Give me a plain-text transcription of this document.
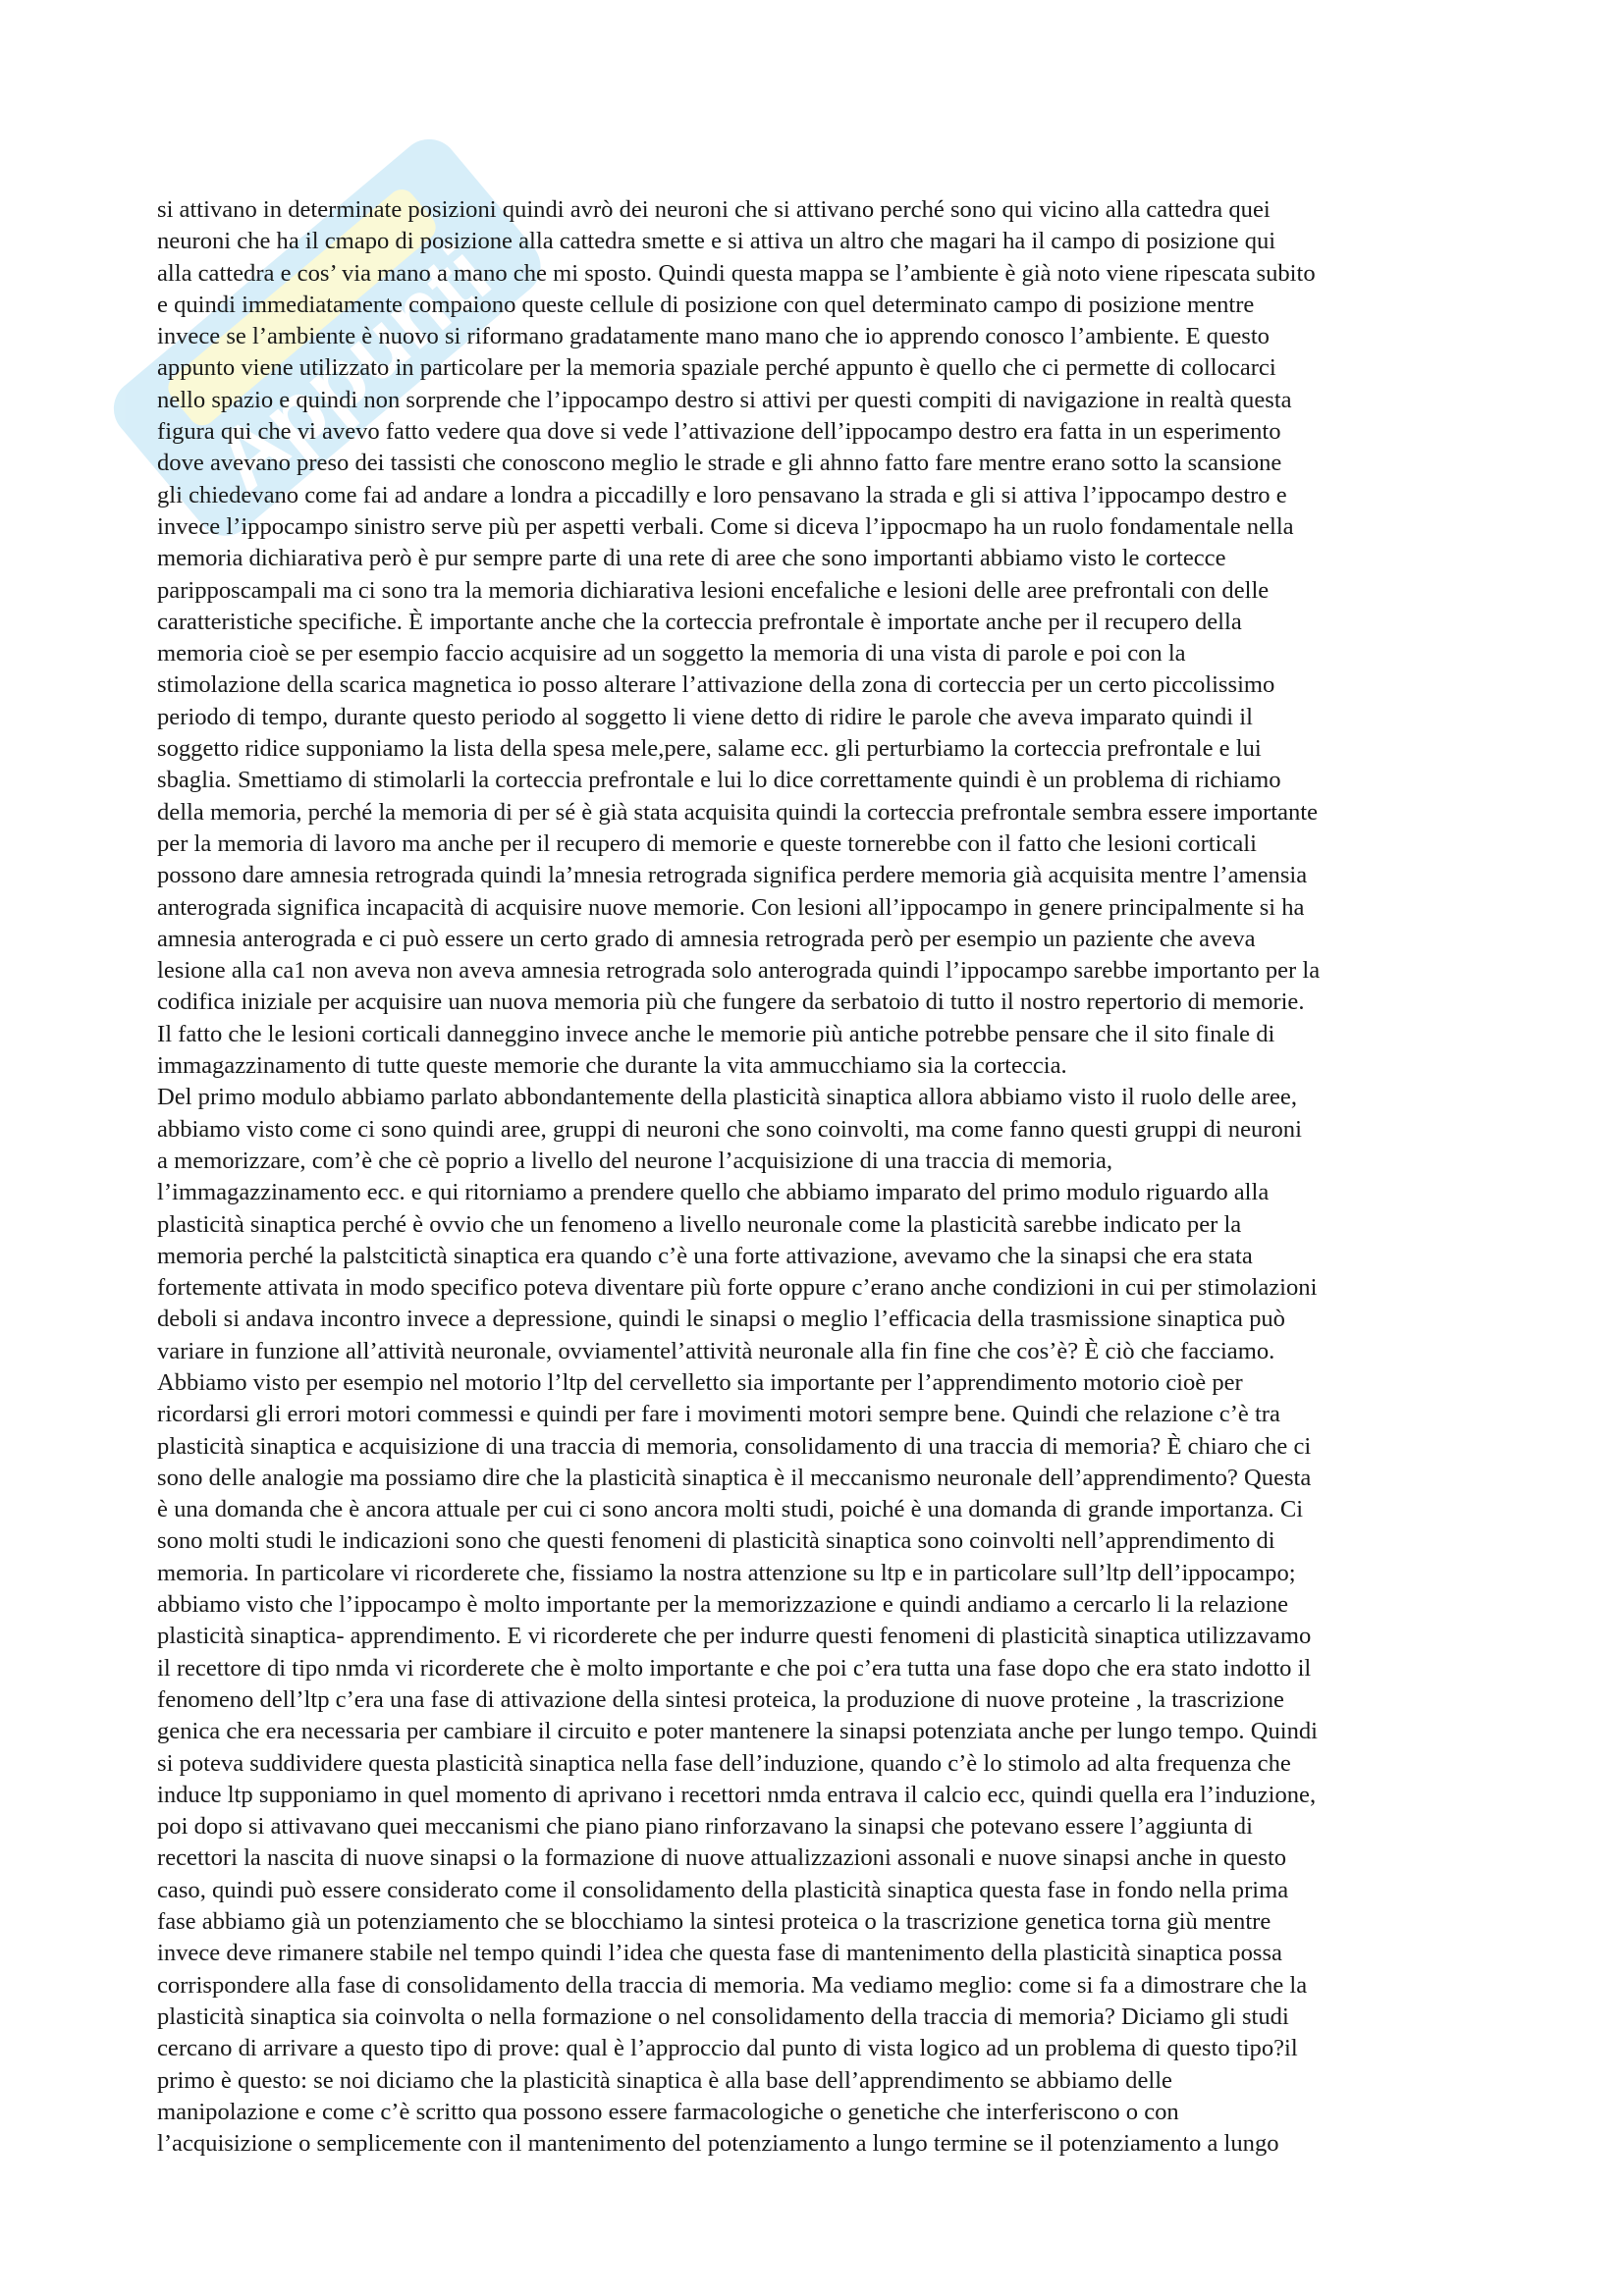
Appunti
si attivano in determinate posizioni quindi avrò dei neuroni che si attivano perché sono qui vicino alla cattedra quei
neuroni che ha il cmapo di posizione alla cattedra smette e si attiva un altro che magari ha il campo di posizione qui
alla cattedra e cos’ via mano a mano che mi sposto. Quindi questa mappa se l’ambiente è già noto viene ripescata subito
e quindi immediatamente compaiono queste cellule di posizione con quel determinato campo di posizione mentre
invece se l’ambiente è nuovo si riformano gradatamente mano mano che io apprendo conosco l’ambiente. E questo
appunto viene utilizzato in particolare per la memoria spaziale perché appunto è quello che ci permette di collocarci
nello spazio e quindi non sorprende che l’ippocampo destro si attivi per questi compiti di navigazione in realtà questa
figura qui che vi avevo fatto vedere qua dove si vede l’attivazione dell’ippocampo destro era fatta in un esperimento
dove avevano preso dei tassisti che conoscono meglio le strade e gli ahnno fatto fare mentre erano sotto la scansione
gli chiedevano come fai ad andare a londra a piccadilly e loro pensavano la strada e gli si attiva l’ippocampo destro e
invece l’ippocampo sinistro serve più per aspetti verbali. Come si diceva l’ippocmapo ha un ruolo fondamentale nella
memoria dichiarativa però è pur sempre parte di una rete di aree che sono importanti abbiamo visto le cortecce
paripposcampali ma ci sono tra la memoria dichiarativa lesioni encefaliche e lesioni delle aree prefrontali con delle
caratteristiche specifiche. È importante anche che la corteccia prefrontale è importate anche per il recupero della
memoria cioè se per esempio faccio acquisire ad un soggetto la memoria di una vista di parole e poi con la
stimolazione della scarica magnetica io posso alterare l’attivazione della zona di corteccia per un certo piccolissimo
periodo di tempo, durante questo periodo al soggetto li viene detto di ridire le parole che aveva imparato quindi il
soggetto ridice supponiamo la lista della spesa mele,pere, salame ecc. gli perturbiamo la corteccia prefrontale e lui
sbaglia. Smettiamo di stimolarli la corteccia prefrontale e lui lo dice correttamente quindi è un problema di richiamo
della memoria, perché la memoria di per sé è già stata acquisita quindi la corteccia prefrontale sembra essere importante
per la memoria di lavoro ma anche per il recupero di memorie e queste tornerebbe con il fatto che lesioni corticali
possono dare amnesia retrograda quindi la’mnesia retrograda significa perdere memoria già acquisita mentre l’amensia
anterograda significa incapacità di acquisire nuove memorie. Con lesioni all’ippocampo in genere principalmente si ha
amnesia anterograda e ci può essere un certo grado di amnesia retrograda però per esempio un paziente che aveva
lesione alla ca1 non aveva non aveva amnesia retrograda solo anterograda quindi l’ippocampo sarebbe importanto per la
codifica iniziale per acquisire uan nuova memoria più che fungere da serbatoio di tutto il nostro repertorio di memorie.
Il fatto che le lesioni corticali danneggino invece anche le memorie più antiche potrebbe pensare che il sito finale di
immagazzinamento di tutte queste memorie che durante la vita ammucchiamo sia la corteccia.
Del primo modulo abbiamo parlato abbondantemente della plasticità sinaptica allora abbiamo visto il ruolo delle aree,
abbiamo visto come ci sono quindi aree, gruppi di neuroni che sono coinvolti, ma come fanno questi gruppi di neuroni
a memorizzare, com’è che cè poprio a livello del neurone l’acquisizione di una traccia di memoria,
l’immagazzinamento ecc. e qui ritorniamo a prendere quello che abbiamo imparato del primo modulo riguardo alla
plasticità sinaptica perché è ovvio che un fenomeno a livello neuronale come la plasticità sarebbe indicato per la
memoria perché la palstcitictà sinaptica era quando c’è una forte attivazione, avevamo che la sinapsi che era stata
fortemente attivata in modo specifico poteva diventare più forte oppure c’erano anche condizioni in cui per stimolazioni
deboli si andava incontro invece a depressione, quindi le sinapsi o meglio l’efficacia della trasmissione sinaptica può
variare in funzione all’attività neuronale, ovviamentel’attività neuronale alla fin fine che cos’è? È ciò che facciamo.
Abbiamo visto per esempio nel motorio l’ltp del cervelletto sia importante per l’apprendimento motorio cioè per
ricordarsi gli errori motori commessi e quindi per fare i movimenti motori sempre bene. Quindi che relazione c’è tra
plasticità sinaptica e acquisizione di una traccia di memoria, consolidamento di una traccia di memoria? È chiaro che ci
sono delle analogie ma possiamo dire che la plasticità sinaptica è il meccanismo neuronale dell’apprendimento? Questa
è una domanda che è ancora attuale per cui ci sono ancora molti studi, poiché è una domanda di grande importanza. Ci
sono molti studi le indicazioni sono che questi fenomeni di plasticità sinaptica sono coinvolti nell’apprendimento di
memoria. In particolare vi ricorderete che, fissiamo la nostra attenzione su ltp e in particolare sull’ltp dell’ippocampo;
abbiamo visto che l’ippocampo è molto importante per la memorizzazione e quindi andiamo a cercarlo li la relazione
plasticità sinaptica- apprendimento. E vi ricorderete che per indurre questi fenomeni di plasticità sinaptica utilizzavamo
il recettore di tipo nmda vi ricorderete che è molto importante e che poi c’era tutta una fase dopo che era stato indotto il
fenomeno dell’ltp c’era una fase di attivazione della sintesi proteica, la produzione di nuove proteine , la trascrizione
genica che era necessaria per cambiare il circuito e poter mantenere la sinapsi potenziata anche per lungo tempo. Quindi
si poteva suddividere questa plasticità sinaptica nella fase dell’induzione, quando c’è lo stimolo ad alta frequenza che
induce ltp supponiamo in quel momento di aprivano i recettori nmda entrava il calcio ecc, quindi quella era l’induzione,
poi dopo si attivavano quei meccanismi che piano piano rinforzavano la sinapsi che potevano essere l’aggiunta di
recettori la nascita di nuove sinapsi o la formazione di nuove attualizzazioni assonali e nuove sinapsi anche in questo
caso, quindi può essere considerato come il consolidamento della plasticità sinaptica questa fase in fondo nella prima
fase abbiamo già un potenziamento che se blocchiamo la sintesi proteica o la trascrizione genetica torna giù mentre
invece deve rimanere stabile nel tempo quindi l’idea che questa fase di mantenimento della plasticità sinaptica possa
corrispondere alla fase di consolidamento della traccia di memoria. Ma vediamo meglio: come si fa a dimostrare che la
plasticità sinaptica sia coinvolta o nella formazione o nel consolidamento della traccia di memoria? Diciamo gli studi
cercano di arrivare a questo tipo di prove: qual è l’approccio dal punto di vista logico ad un problema di questo tipo?il
primo è questo: se noi diciamo che la plasticità sinaptica è alla base dell’apprendimento se abbiamo delle
manipolazione e come c’è scritto qua possono essere farmacologiche o genetiche che interferiscono o con
l’acquisizione o semplicemente con il mantenimento del potenziamento a lungo termine se il potenziamento a lungo
